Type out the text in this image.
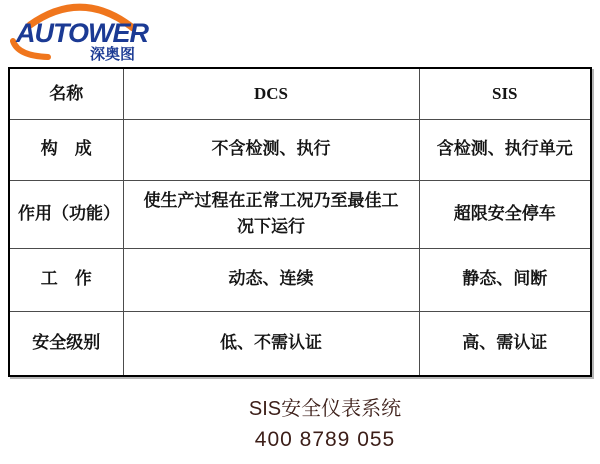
AUTOWER
深奥图
名称	DCS	SIS
构　成	不含检测、执行	含检测、执行单元
作用（功能）	使生产过程在正常工况乃至最佳工况下运行	超限安全停车
工　作	动态、连续	静态、间断
安全级别	低、不需认证	高、需认证
SIS安全仪表系统
400 8789 055
